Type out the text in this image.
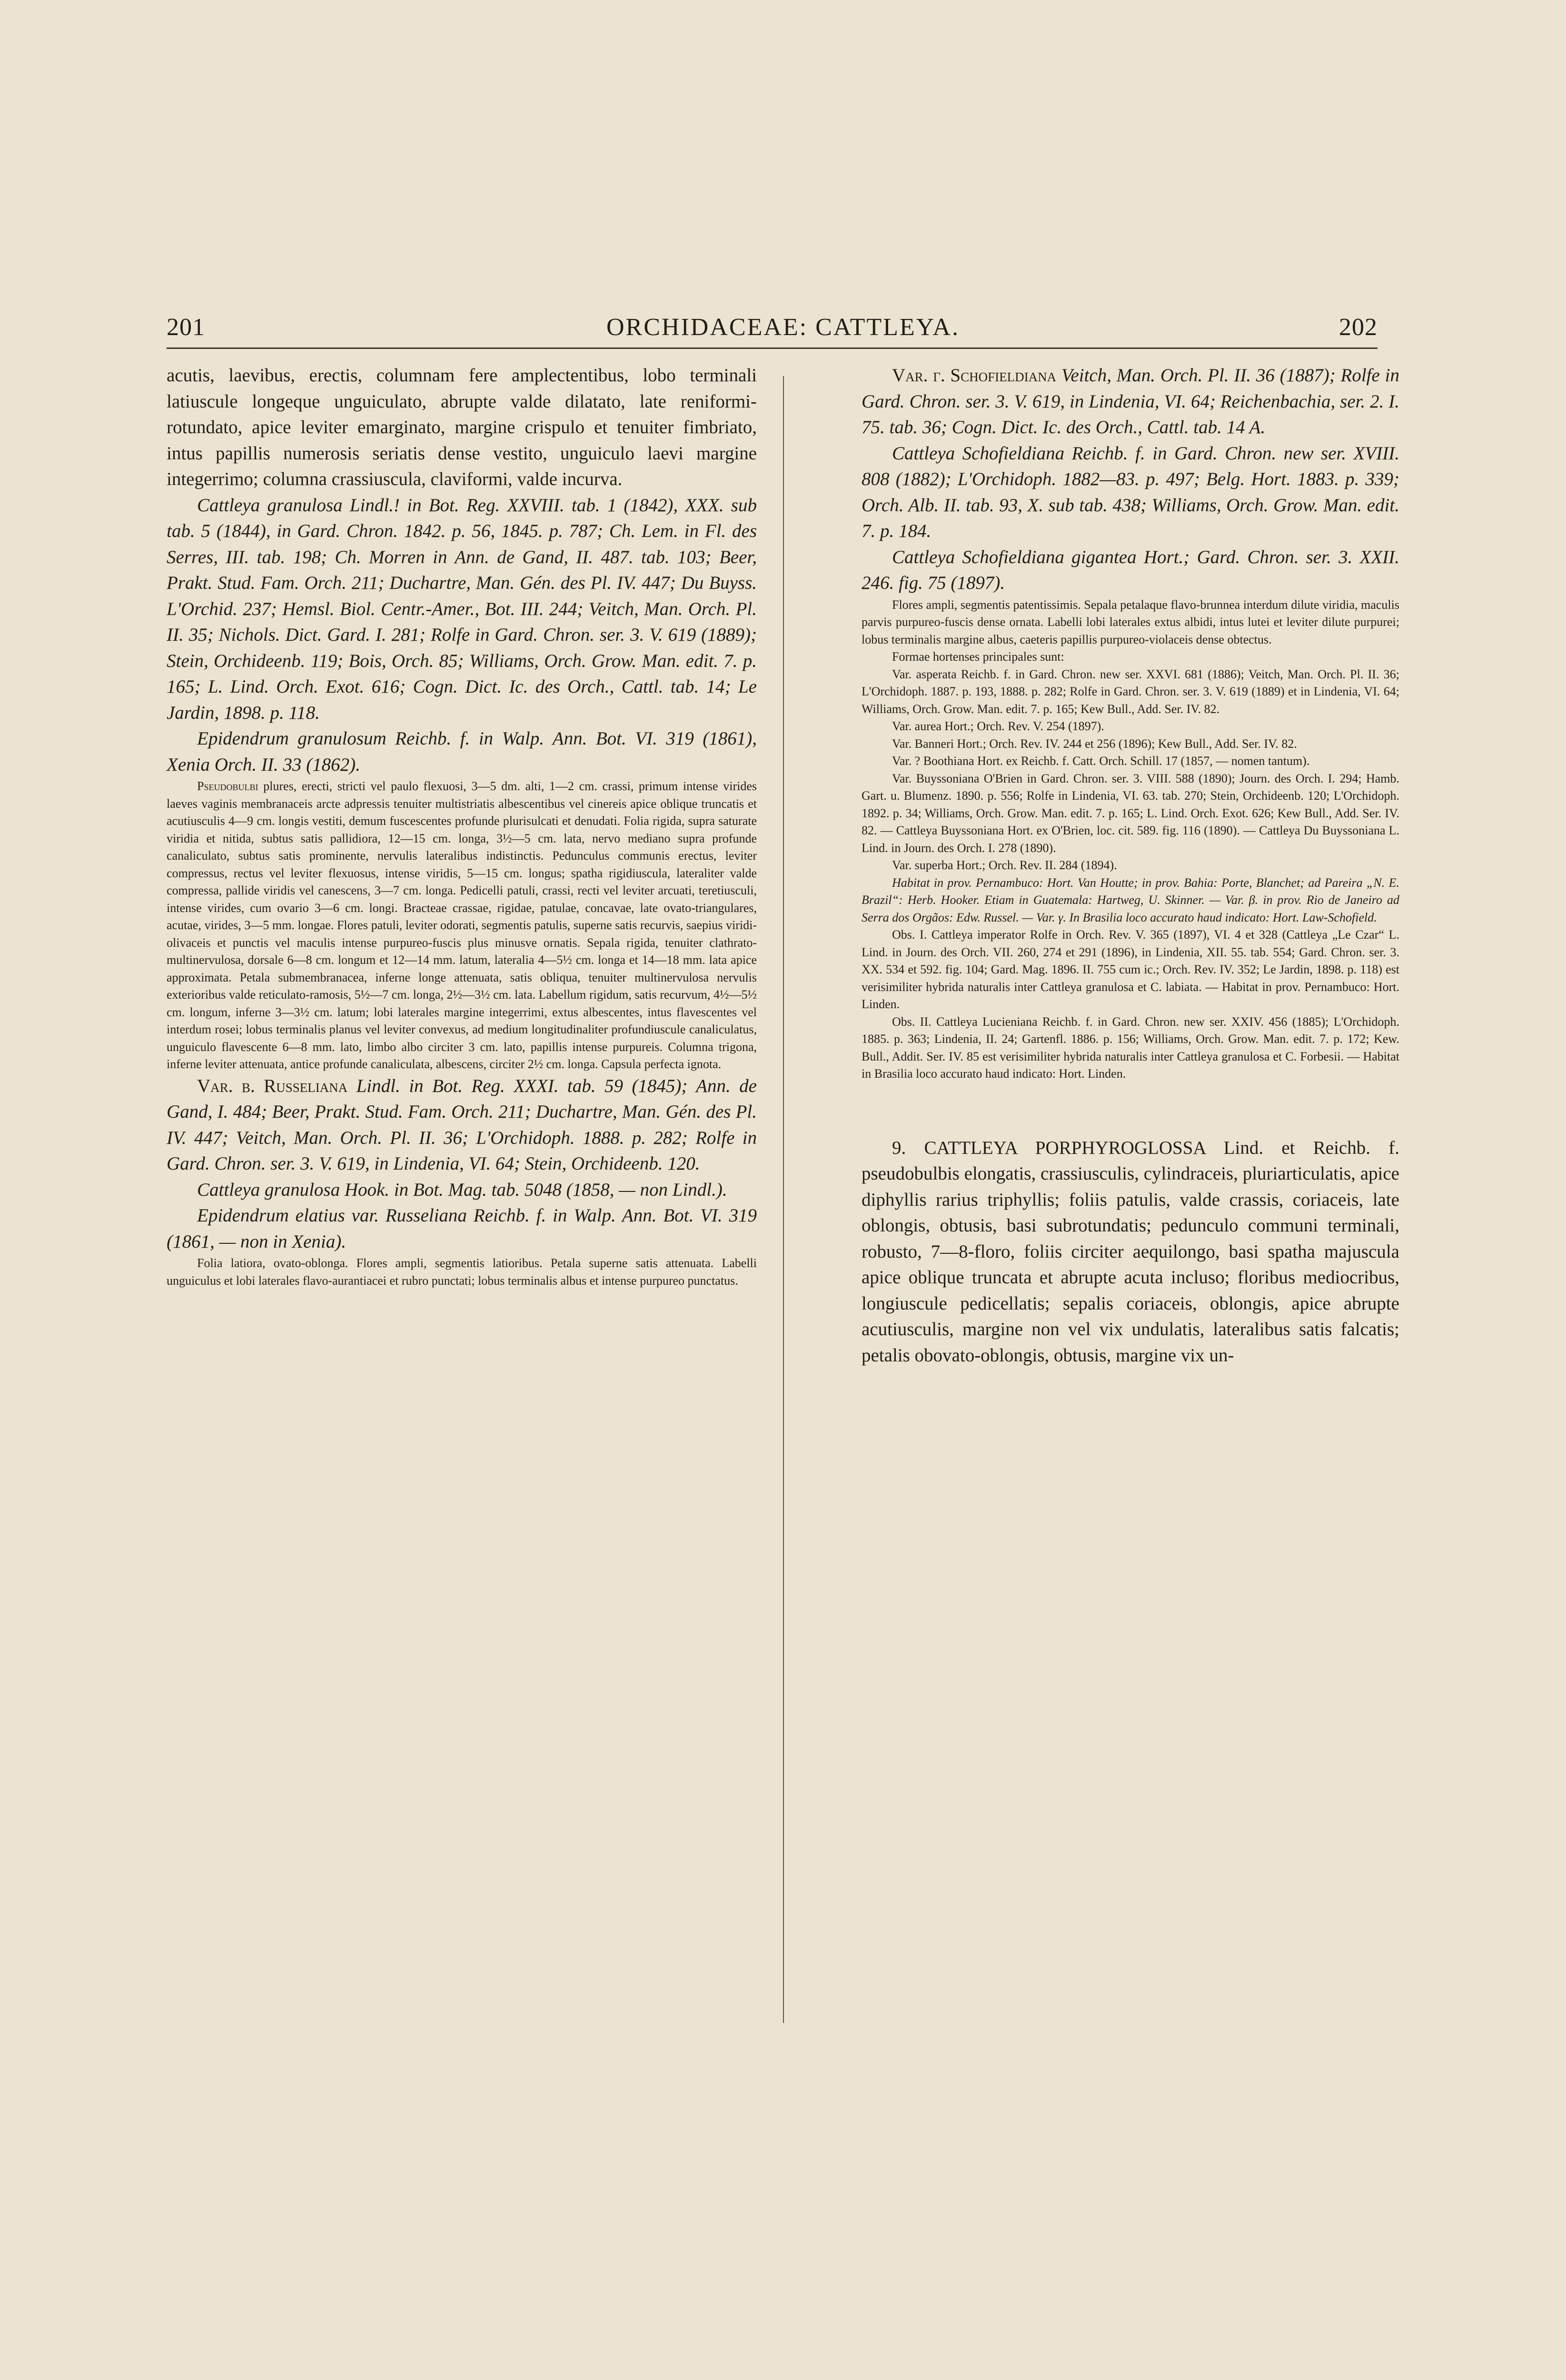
201	ORCHIDACEAE: CATTLEYA.	202

acutis, laevibus, erectis, columnam fere amplectentibus, lobo terminali latiuscule longeque unguiculato, abrupte valde dilatato, late reniformi-rotundato, apice leviter emarginato, margine crispulo et tenuiter fimbriato, intus papillis numerosis seriatis dense vestito, unguiculo laevi margine integerrimo; columna crassiuscula, claviformi, valde incurva.

Cattleya granulosa Lindl.! in Bot. Reg. XXVIII. tab. 1 (1842), XXX. sub tab. 5 (1844), in Gard. Chron. 1842. p. 56, 1845. p. 787; Ch. Lem. in Fl. des Serres, III. tab. 198; Ch. Morren in Ann. de Gand, II. 487. tab. 103; Beer, Prakt. Stud. Fam. Orch. 211; Duchartre, Man. Gén. des Pl. IV. 447; Du Buyss. L'Orchid. 237; Hemsl. Biol. Centr.-Amer., Bot. III. 244; Veitch, Man. Orch. Pl. II. 35; Nichols. Dict. Gard. I. 281; Rolfe in Gard. Chron. ser. 3. V. 619 (1889); Stein, Orchideenb. 119; Bois, Orch. 85; Williams, Orch. Grow. Man. edit. 7. p. 165; L. Lind. Orch. Exot. 616; Cogn. Dict. Ic. des Orch., Cattl. tab. 14; Le Jardin, 1898. p. 118.

Epidendrum granulosum Reichb. f. in Walp. Ann. Bot. VI. 319 (1861), Xenia Orch. II. 33 (1862).

Pseudobulbi plures, erecti, stricti vel paulo flexuosi, 3—5 dm. alti, 1—2 cm. crassi, primum intense virides laeves vaginis membranaceis arcte adpressis tenuiter multistriatis albescentibus vel cinereis apice oblique truncatis et acutiusculis 4—9 cm. longis vestiti, demum fuscescentes profunde plurisulcati et denudati. Folia rigida, supra saturate viridia et nitida, subtus satis pallidiora, 12—15 cm. longa, 3½—5 cm. lata, nervo mediano supra profunde canaliculato, subtus satis prominente, nervulis lateralibus indistinctis. Pedunculus communis erectus, leviter compressus, rectus vel leviter flexuosus, intense viridis, 5—15 cm. longus; spatha rigidiuscula, lateraliter valde compressa, pallide viridis vel canescens, 3—7 cm. longa. Pedicelli patuli, crassi, recti vel leviter arcuati, teretiusculi, intense virides, cum ovario 3—6 cm. longi. Bracteae crassae, rigidae, patulae, concavae, late ovato-triangulares, acutae, virides, 3—5 mm. longae. Flores patuli, leviter odorati, segmentis patulis, superne satis recurvis, saepius viridi-olivaceis et punctis vel maculis intense purpureo-fuscis plus minusve ornatis. Sepala rigida, tenuiter clathrato-multinervulosa, dorsale 6—8 cm. longum et 12—14 mm. latum, lateralia 4—5½ cm. longa et 14—18 mm. lata apice approximata. Petala submembranacea, inferne longe attenuata, satis obliqua, tenuiter multinervulosa nervulis exterioribus valde reticulato-ramosis, 5½—7 cm. longa, 2½—3½ cm. lata. Labellum rigidum, satis recurvum, 4½—5½ cm. longum, inferne 3—3½ cm. latum; lobi laterales margine integerrimi, extus albescentes, intus flavescentes vel interdum rosei; lobus terminalis planus vel leviter convexus, ad medium longitudinaliter profundiuscule canaliculatus, unguiculo flavescente 6—8 mm. lato, limbo albo circiter 3 cm. lato, papillis intense purpureis. Columna trigona, inferne leviter attenuata, antice profunde canaliculata, albescens, circiter 2½ cm. longa. Capsula perfecta ignota.

Var. β. Russeliana Lindl. in Bot. Reg. XXXI. tab. 59 (1845); Ann. de Gand, I. 484; Beer, Prakt. Stud. Fam. Orch. 211; Duchartre, Man. Gén. des Pl. IV. 447; Veitch, Man. Orch. Pl. II. 36; L'Orchidoph. 1888. p. 282; Rolfe in Gard. Chron. ser. 3. V. 619, in Lindenia, VI. 64; Stein, Orchideenb. 120.

Cattleya granulosa Hook. in Bot. Mag. tab. 5048 (1858, — non Lindl.).

Epidendrum elatius var. Russeliana Reichb. f. in Walp. Ann. Bot. VI. 319 (1861, — non in Xenia).

Folia latiora, ovato-oblonga. Flores ampli, segmentis latioribus. Petala superne satis attenuata. Labelli unguiculus et lobi laterales flavo-aurantiacei et rubro punctati; lobus terminalis albus et intense purpureo punctatus.

Var. γ. Schofieldiana Veitch, Man. Orch. Pl. II. 36 (1887); Rolfe in Gard. Chron. ser. 3. V. 619, in Lindenia, VI. 64; Reichenbachia, ser. 2. I. 75. tab. 36; Cogn. Dict. Ic. des Orch., Cattl. tab. 14 A.

Cattleya Schofieldiana Reichb. f. in Gard. Chron. new ser. XVIII. 808 (1882); L'Orchidoph. 1882—83. p. 497; Belg. Hort. 1883. p. 339; Orch. Alb. II. tab. 93, X. sub tab. 438; Williams, Orch. Grow. Man. edit. 7. p. 184.

Cattleya Schofieldiana gigantea Hort.; Gard. Chron. ser. 3. XXII. 246. fig. 75 (1897).

Flores ampli, segmentis patentissimis. Sepala petalaque flavo-brunnea interdum dilute viridia, maculis parvis purpureo-fuscis dense ornata. Labelli lobi laterales extus albidi, intus lutei et leviter dilute purpurei; lobus terminalis margine albus, caeteris papillis purpureo-violaceis dense obtectus.

Formae hortenses principales sunt:

Var. asperata Reichb. f. in Gard. Chron. new ser. XXVI. 681 (1886); Veitch, Man. Orch. Pl. II. 36; L'Orchidoph. 1887. p. 193, 1888. p. 282; Rolfe in Gard. Chron. ser. 3. V. 619 (1889) et in Lindenia, VI. 64; Williams, Orch. Grow. Man. edit. 7. p. 165; Kew Bull., Add. Ser. IV. 82.

Var. aurea Hort.; Orch. Rev. V. 254 (1897).

Var. Banneri Hort.; Orch. Rev. IV. 244 et 256 (1896); Kew Bull., Add. Ser. IV. 82.

Var. ? Boothiana Hort. ex Reichb. f. Catt. Orch. Schill. 17 (1857, — nomen tantum).

Var. Buyssoniana O'Brien in Gard. Chron. ser. 3. VIII. 588 (1890); Journ. des Orch. I. 294; Hamb. Gart. u. Blumenz. 1890. p. 556; Rolfe in Lindenia, VI. 63. tab. 270; Stein, Orchideenb. 120; L'Orchidoph. 1892. p. 34; Williams, Orch. Grow. Man. edit. 7. p. 165; L. Lind. Orch. Exot. 626; Kew Bull., Add. Ser. IV. 82. — Cattleya Buyssoniana Hort. ex O'Brien, loc. cit. 589. fig. 116 (1890). — Cattleya Du Buyssoniana L. Lind. in Journ. des Orch. I. 278 (1890).

Var. superba Hort.; Orch. Rev. II. 284 (1894).

Habitat in prov. Pernambuco: Hort. Van Houtte; in prov. Bahia: Porte, Blanchet; ad Pareira „N. E. Brazil“: Herb. Hooker. Etiam in Guatemala: Hartweg, U. Skinner. — Var. β. in prov. Rio de Janeiro ad Serra dos Orgãos: Edw. Russel. — Var. γ. In Brasilia loco accurato haud indicato: Hort. Law-Schofield.

Obs. I. Cattleya imperator Rolfe in Orch. Rev. V. 365 (1897), VI. 4 et 328 (Cattleya „Le Czar“ L. Lind. in Journ. des Orch. VII. 260, 274 et 291 (1896), in Lindenia, XII. 55. tab. 554; Gard. Chron. ser. 3. XX. 534 et 592. fig. 104; Gard. Mag. 1896. II. 755 cum ic.; Orch. Rev. IV. 352; Le Jardin, 1898. p. 118) est verisimiliter hybrida naturalis inter Cattleya granulosa et C. labiata. — Habitat in prov. Pernambuco: Hort. Linden.

Obs. II. Cattleya Lucieniana Reichb. f. in Gard. Chron. new ser. XXIV. 456 (1885); L'Orchidoph. 1885. p. 363; Lindenia, II. 24; Gartenfl. 1886. p. 156; Williams, Orch. Grow. Man. edit. 7. p. 172; Kew. Bull., Addit. Ser. IV. 85 est verisimiliter hybrida naturalis inter Cattleya granulosa et C. Forbesii. — Habitat in Brasilia loco accurato haud indicato: Hort. Linden.

9. CATTLEYA PORPHYROGLOSSA Lind. et Reichb. f. pseudobulbis elongatis, crassiusculis, cylindraceis, pluriarticulatis, apice diphyllis rarius triphyllis; foliis patulis, valde crassis, coriaceis, late oblongis, obtusis, basi subrotundatis; pedunculo communi terminali, robusto, 7—8-floro, foliis circiter aequilongo, basi spatha majuscula apice oblique truncata et abrupte acuta incluso; floribus mediocribus, longiuscule pedicellatis; sepalis coriaceis, oblongis, apice abrupte acutiusculis, margine non vel vix undulatis, lateralibus satis falcatis; petalis obovato-oblongis, obtusis, margine vix un-
